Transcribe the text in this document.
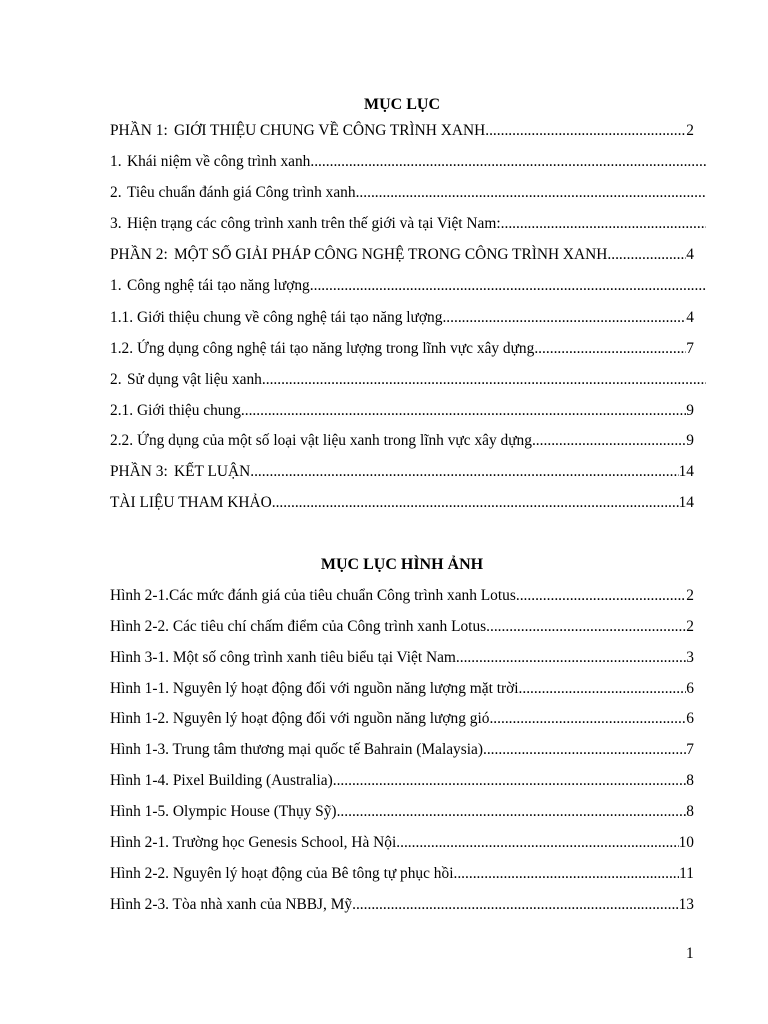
MỤC LỤC
PHẦN 1: GIỚI THIỆU CHUNG VỀ CÔNG TRÌNH XANH .....	2
1. Khái niệm về công trình xanh .....
2. Tiêu chuẩn đánh giá Công trình xanh .....
3. Hiện trạng các công trình xanh trên thế giới và tại Việt Nam: .....
PHẦN 2: MỘT SỐ GIẢI PHÁP CÔNG NGHỆ TRONG CÔNG TRÌNH XANH .....	4
1. Công nghệ tái tạo năng lượng .....
1.1. Giới thiệu chung về công nghệ tái tạo năng lượng .....	4
1.2. Ứng dụng công nghệ tái tạo năng lượng trong lĩnh vực xây dựng .....	7
2. Sử dụng vật liệu xanh .....
2.1. Giới thiệu chung .....	9
2.2. Ứng dụng của một số loại vật liệu xanh trong lĩnh vực xây dựng .....	9
PHẦN 3: KẾT LUẬN .....	14
TÀI LIỆU THAM KHẢO .....	14
MỤC LỤC HÌNH ẢNH
Hình 2-1.Các mức đánh giá của tiêu chuẩn Công trình xanh Lotus .....	2
Hình 2-2. Các tiêu chí chấm điểm của Công trình xanh Lotus .....	2
Hình 3-1. Một số công trình xanh tiêu biểu tại Việt Nam .....	3
Hình 1-1. Nguyên lý hoạt động đối với nguồn năng lượng mặt trời .....	6
Hình 1-2. Nguyên lý hoạt động đối với nguồn năng lượng gió .....	6
Hình 1-3. Trung tâm thương mại quốc tế Bahrain (Malaysia) .....	7
Hình 1-4. Pixel Building (Australia) .....	8
Hình 1-5. Olympic House (Thụy Sỹ) .....	8
Hình 2-1. Trường học Genesis School, Hà Nội .....	10
Hình 2-2. Nguyên lý hoạt động của Bê tông tự phục hồi .....	11
Hình 2-3. Tòa nhà xanh của NBBJ, Mỹ .....	13
1
